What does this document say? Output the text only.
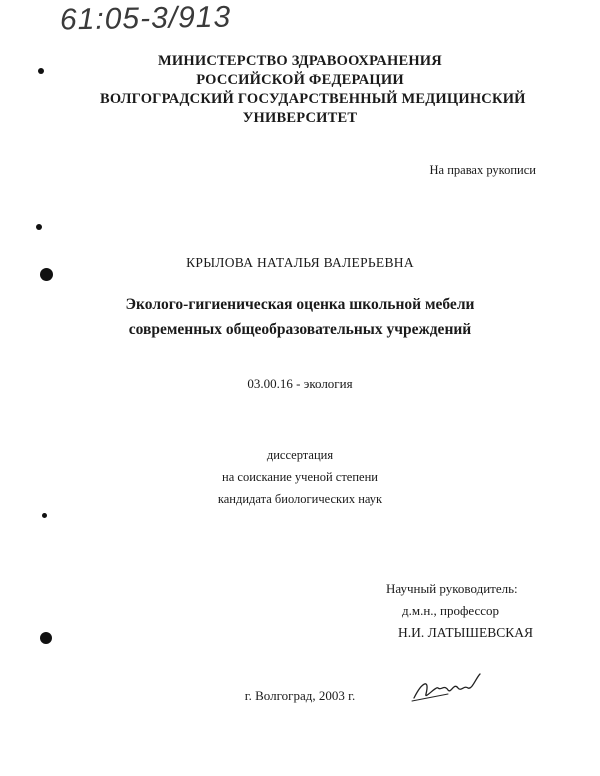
61:05-3/913
МИНИСТЕРСТВО ЗДРАВООХРАНЕНИЯ
РОССИЙСКОЙ ФЕДЕРАЦИИ
ВОЛГОГРАДСКИЙ ГОСУДАРСТВЕННЫЙ МЕДИЦИНСКИЙ
УНИВЕРСИТЕТ
На правах рукописи
КРЫЛОВА НАТАЛЬЯ ВАЛЕРЬЕВНА
Эколого-гигиеническая оценка школьной мебели
современных общеобразовательных учреждений
03.00.16 - экология
диссертация
на соискание ученой степени
кандидата биологических наук
Научный руководитель:
д.м.н., профессор
Н.И. ЛАТЫШЕВСКАЯ
г. Волгоград, 2003 г.
